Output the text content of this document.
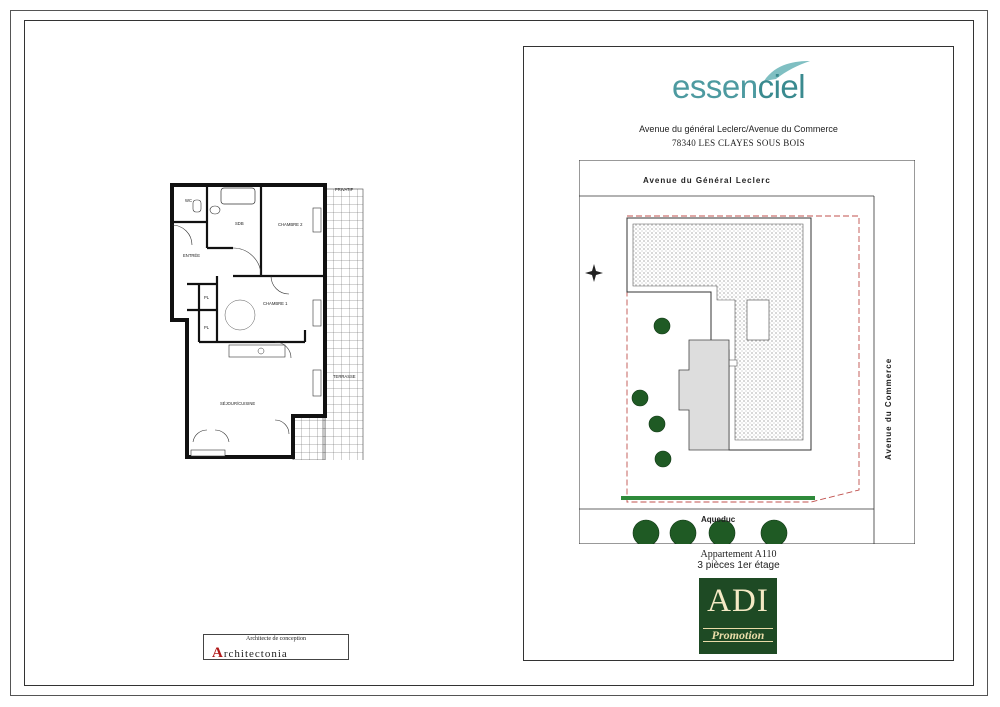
WC
SDB
ENTRÉE
CHAMBRE 2
CHAMBRE 1
PL
PL
SÉJOUR/CUISINE
TERRASSE
PRIVATIF
Architecte de conception
Architectonia
essenciel
Avenue du général Leclerc/Avenue du Commerce
78340 LES CLAYES SOUS BOIS
Avenue du Général Leclerc
Aqueduc
Avenue du Commerce
Appartement A110
3 pièces 1er étage
ADI
Promotion
